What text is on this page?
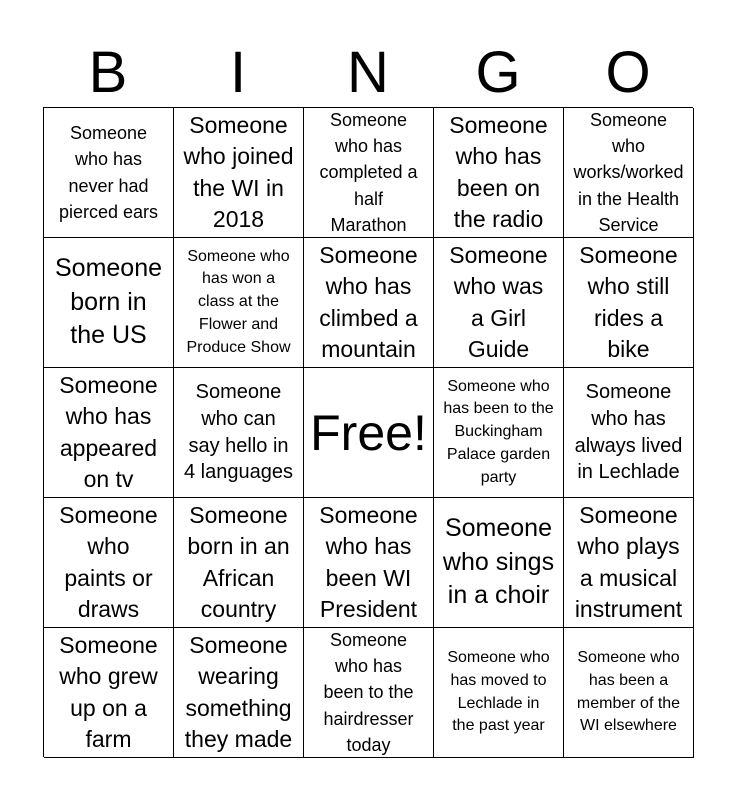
B	I	N	G	O
Someone
who has
never had
pierced ears
Someone
who joined
the WI in
2018
Someone
who has
completed a
half
Marathon
Someone
who has
been on
the radio
Someone
who
works/worked
in the Health
Service
Someone
born in
the US
Someone who
has won a
class at the
Flower and
Produce Show
Someone
who has
climbed a
mountain
Someone
who was
a Girl
Guide
Someone
who still
rides a
bike
Someone
who has
appeared
on tv
Someone
who can
say hello in
4 languages
Free!
Someone who
has been to the
Buckingham
Palace garden
party
Someone
who has
always lived
in Lechlade
Someone
who
paints or
draws
Someone
born in an
African
country
Someone
who has
been WI
President
Someone
who sings
in a choir
Someone
who plays
a musical
instrument
Someone
who grew
up on a
farm
Someone
wearing
something
they made
Someone
who has
been to the
hairdresser
today
Someone who
has moved to
Lechlade in
the past year
Someone who
has been a
member of the
WI elsewhere
